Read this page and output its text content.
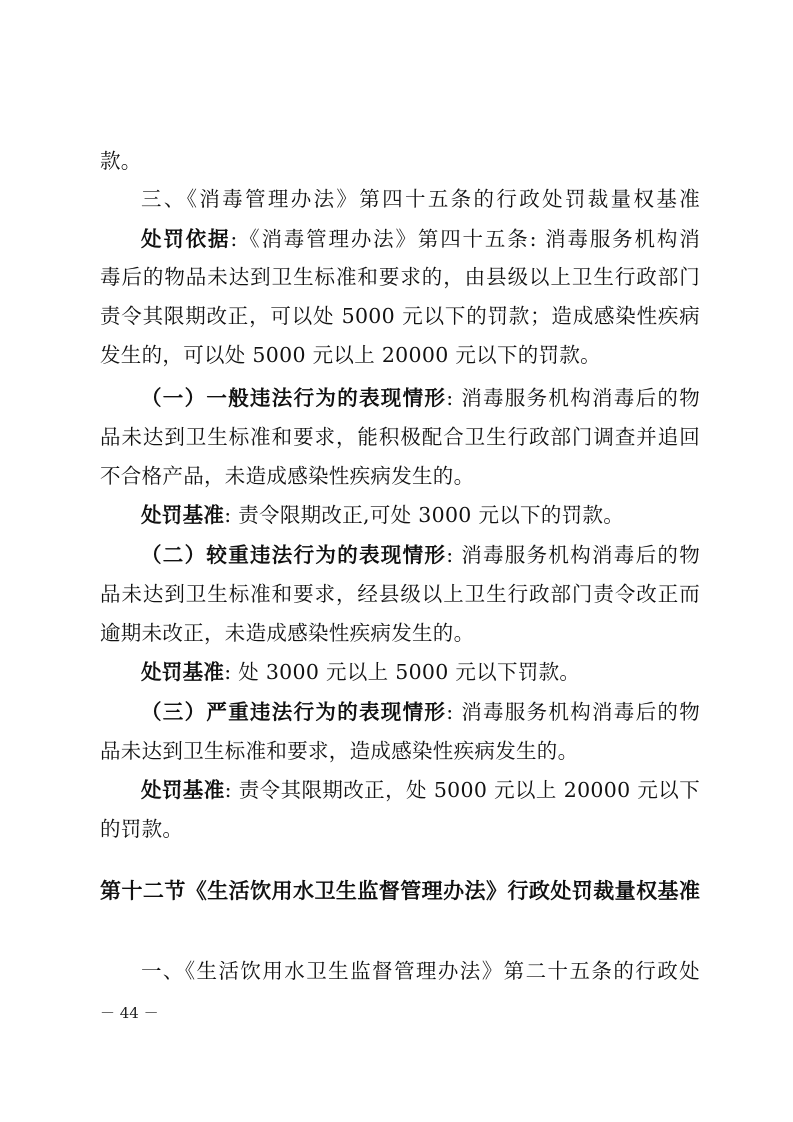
款。
三、《消毒管理办法》第四十五条的行政处罚裁量权基准
处罚依据:《消毒管理办法》第四十五条: 消毒服务机构消
毒后的物品未达到卫生标准和要求的，由县级以上卫生行政部门
责令其限期改正，可以处 5000 元以下的罚款；造成感染性疾病
发生的，可以处 5000 元以上 20000 元以下的罚款。
（一）一般违法行为的表现情形: 消毒服务机构消毒后的物
品未达到卫生标准和要求，能积极配合卫生行政部门调查并追回
不合格产品，未造成感染性疾病发生的。
处罚基准: 责令限期改正,可处 3000 元以下的罚款。
（二）较重违法行为的表现情形: 消毒服务机构消毒后的物
品未达到卫生标准和要求，经县级以上卫生行政部门责令改正而
逾期未改正，未造成感染性疾病发生的。
处罚基准: 处 3000 元以上 5000 元以下罚款。
（三）严重违法行为的表现情形: 消毒服务机构消毒后的物
品未达到卫生标准和要求，造成感染性疾病发生的。
处罚基准: 责令其限期改正，处 5000 元以上 20000 元以下
的罚款。
第十二节《生活饮用水卫生监督管理办法》行政处罚裁量权基准
一、《生活饮用水卫生监督管理办法》第二十五条的行政处
－ 44 －
